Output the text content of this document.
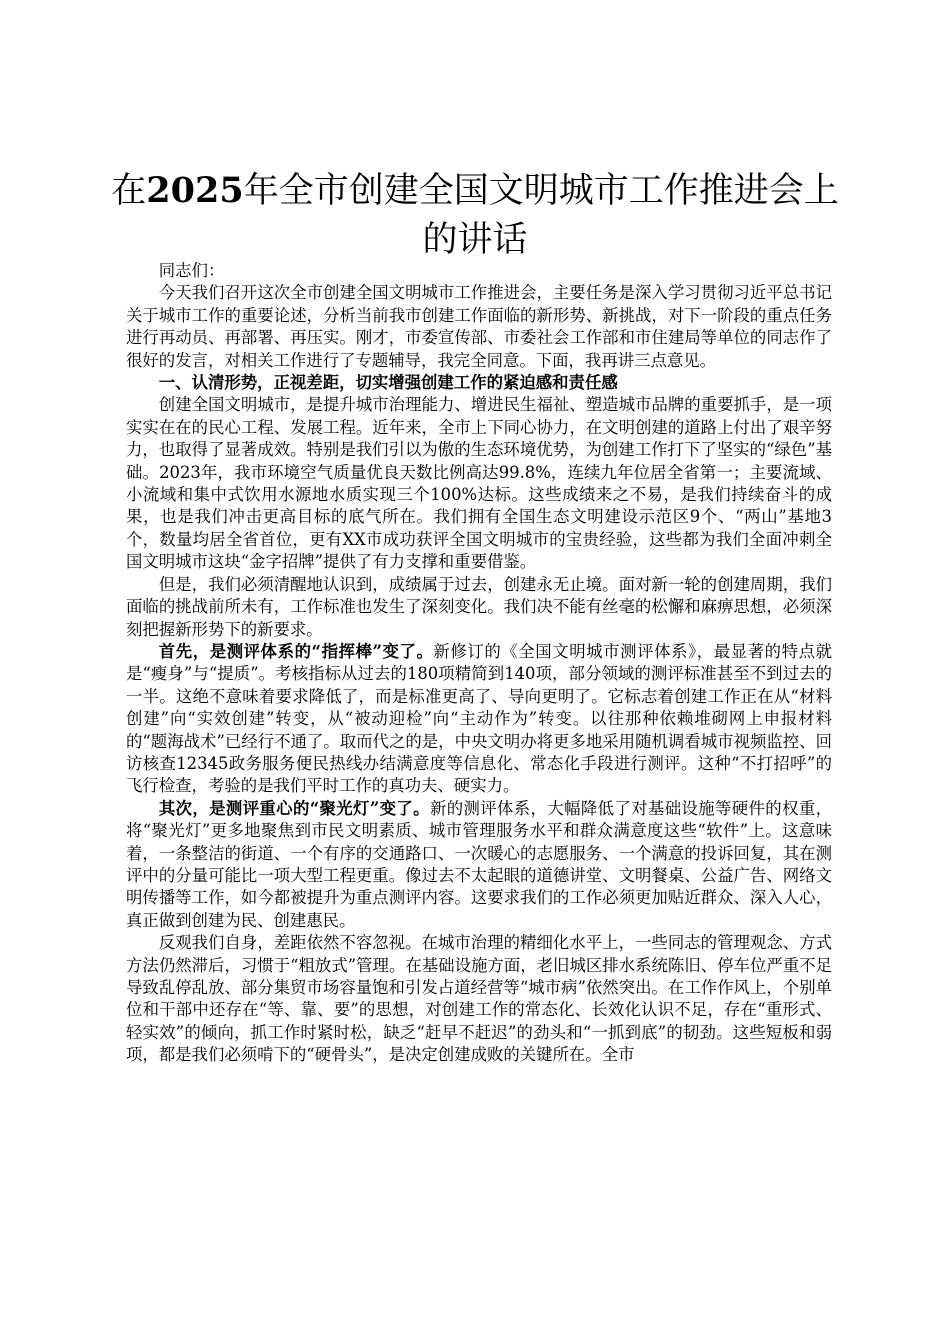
在2025年全市创建全国文明城市工作推进会上的讲话

同志们：

今天我们召开这次全市创建全国文明城市工作推进会，主要任务是深入学习贯彻习近平总书记关于城市工作的重要论述，分析当前我市创建工作面临的新形势、新挑战，对下一阶段的重点任务进行再动员、再部署、再压实。刚才，市委宣传部、市委社会工作部和市住建局等单位的同志作了很好的发言，对相关工作进行了专题辅导，我完全同意。下面，我再讲三点意见。

一、认清形势，正视差距，切实增强创建工作的紧迫感和责任感

创建全国文明城市，是提升城市治理能力、增进民生福祉、塑造城市品牌的重要抓手，是一项实实在在的民心工程、发展工程。近年来，全市上下同心协力，在文明创建的道路上付出了艰辛努力，也取得了显著成效。特别是我们引以为傲的生态环境优势，为创建工作打下了坚实的“绿色”基础。2023年，我市环境空气质量优良天数比例高达99.8%，连续九年位居全省第一；主要流域、小流域和集中式饮用水源地水质实现三个100%达标。这些成绩来之不易，是我们持续奋斗的成果，也是我们冲击更高目标的底气所在。我们拥有全国生态文明建设示范区9个、“两山”基地3个，数量均居全省首位，更有XX市成功获评全国文明城市的宝贵经验，这些都为我们全面冲刺全国文明城市这块“金字招牌”提供了有力支撑和重要借鉴。

但是，我们必须清醒地认识到，成绩属于过去，创建永无止境。面对新一轮的创建周期，我们面临的挑战前所未有，工作标准也发生了深刻变化。我们决不能有丝毫的松懈和麻痹思想，必须深刻把握新形势下的新要求。

首先，是测评体系的“指挥棒”变了。新修订的《全国文明城市测评体系》，最显著的特点就是“瘦身”与“提质”。考核指标从过去的180项精简到140项，部分领域的测评标准甚至不到过去的一半。这绝不意味着要求降低了，而是标准更高了、导向更明了。它标志着创建工作正在从“材料创建”向“实效创建”转变，从“被动迎检”向“主动作为”转变。以往那种依赖堆砌网上申报材料的“题海战术”已经行不通了。取而代之的是，中央文明办将更多地采用随机调看城市视频监控、回访核查12345政务服务便民热线办结满意度等信息化、常态化手段进行测评。这种“不打招呼”的飞行检查，考验的是我们平时工作的真功夫、硬实力。

其次，是测评重心的“聚光灯”变了。新的测评体系，大幅降低了对基础设施等硬件的权重，将“聚光灯”更多地聚焦到市民文明素质、城市管理服务水平和群众满意度这些“软件”上。这意味着，一条整洁的街道、一个有序的交通路口、一次暖心的志愿服务、一个满意的投诉回复，其在测评中的分量可能比一项大型工程更重。像过去不太起眼的道德讲堂、文明餐桌、公益广告、网络文明传播等工作，如今都被提升为重点测评内容。这要求我们的工作必须更加贴近群众、深入人心，真正做到创建为民、创建惠民。

反观我们自身，差距依然不容忽视。在城市治理的精细化水平上，一些同志的管理观念、方式方法仍然滞后，习惯于“粗放式”管理。在基础设施方面，老旧城区排水系统陈旧、停车位严重不足导致乱停乱放、部分集贸市场容量饱和引发占道经营等“城市病”依然突出。在工作作风上，个别单位和干部中还存在“等、靠、要”的思想，对创建工作的常态化、长效化认识不足，存在“重形式、轻实效”的倾向，抓工作时紧时松，缺乏“赶早不赶迟”的劲头和“一抓到底”的韧劲。这些短板和弱项，都是我们必须啃下的“硬骨头”，是决定创建成败的关键所在。全市
